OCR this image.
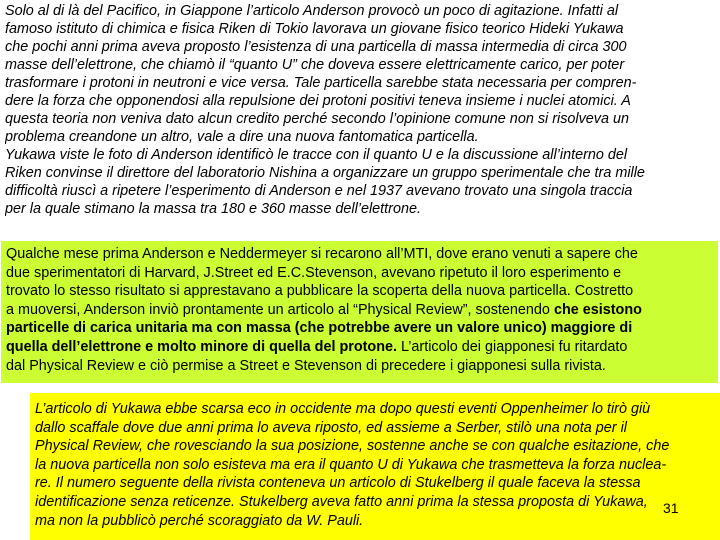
Solo al di là del Pacifico, in Giappone l’articolo Anderson provocò un poco di agitazione. Infatti al
famoso istituto di chimica e fisica Riken di Tokio lavorava un giovane fisico teorico Hideki Yukawa
che pochi anni prima aveva proposto l’esistenza di una particella di massa intermedia di circa 300
masse dell’elettrone, che chiamò il “quanto U” che doveva essere elettricamente carico, per poter
trasformare i protoni in neutroni e vice versa. Tale particella sarebbe stata necessaria per compren-
dere la forza che opponendosi alla repulsione dei protoni positivi teneva insieme i nuclei atomici. A
questa teoria non veniva dato alcun credito perché secondo l’opinione comune non si risolveva un
problema creandone un altro, vale a dire una nuova fantomatica particella.
Yukawa viste le foto di Anderson identificò le tracce con il quanto U e la discussione all’interno del
Riken convinse il direttore del laboratorio Nishina a organizzare un gruppo sperimentale che tra mille
difficoltà riuscì a ripetere l’esperimento di Anderson e nel 1937 avevano trovato una singola traccia
per la quale stimano la massa tra 180 e 360 masse dell’elettrone.
Qualche mese prima Anderson e Neddermeyer si recarono all’MTI, dove erano venuti a sapere che
due sperimentatori di Harvard, J.Street ed E.C.Stevenson, avevano ripetuto il loro esperimento e
trovato lo stesso risultato si apprestavano a pubblicare la scoperta della nuova particella. Costretto
a muoversi, Anderson inviò prontamente un articolo al “Physical Review”, sostenendo che esistono
particelle di carica unitaria ma con massa (che potrebbe avere un valore unico) maggiore di
quella dell’elettrone e molto minore di quella del protone. L’articolo dei giapponesi fu ritardato
dal Physical Review e ciò permise a Street e Stevenson di precedere i giapponesi sulla rivista.
L’articolo di Yukawa ebbe scarsa eco in occidente ma dopo questi eventi Oppenheimer lo tirò giù
dallo scaffale dove due anni prima lo aveva riposto, ed assieme a Serber, stilò una nota per il
Physical Review, che rovesciando la sua posizione, sostenne anche se con qualche esitazione, che
la nuova particella non solo esisteva ma era il quanto U di Yukawa che trasmetteva la forza nuclea-
re. Il numero seguente della rivista conteneva un articolo di Stukelberg il quale faceva la stessa
identificazione senza reticenze. Stukelberg aveva fatto anni prima la stessa proposta di Yukawa,
ma non la pubblicò perché scoraggiato da W. Pauli.
31
